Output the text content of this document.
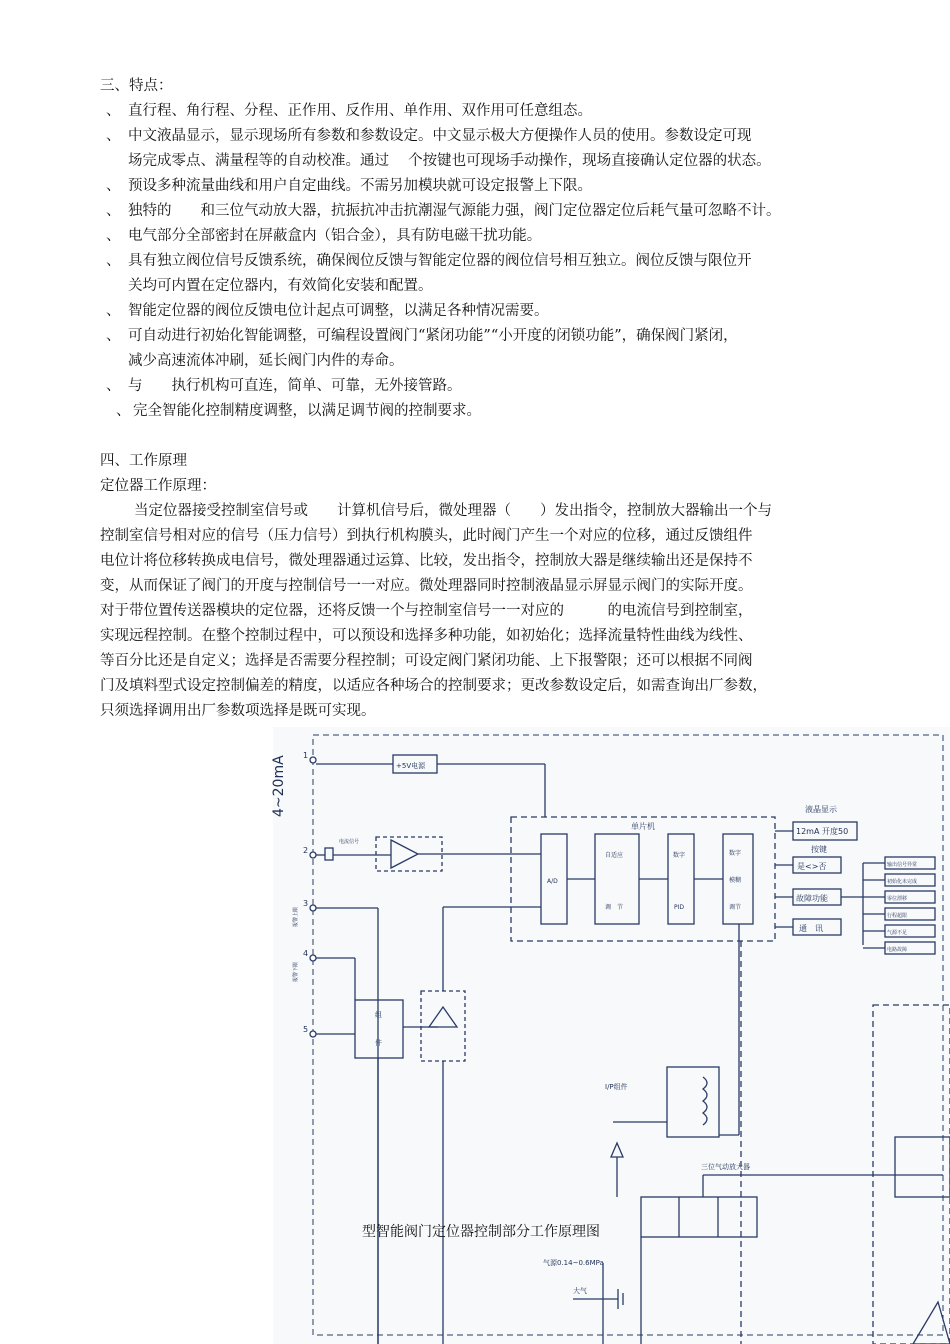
三、特点：
、 直行程、角行程、分程、正作用、反作用、单作用、双作用可任意组态。
、 中文液晶显示，显示现场所有参数和参数设定。中文显示极大方便操作人员的使用。参数设定可现
场完成零点、满量程等的自动校准。通过　 个按键也可现场手动操作，现场直接确认定位器的状态。
、 预设多种流量曲线和用户自定曲线。不需另加模块就可设定报警上下限。
、 独特的　　和三位气动放大器，抗振抗冲击抗潮湿气源能力强，阀门定位器定位后耗气量可忽略不计。
、 电气部分全部密封在屏蔽盒内（铝合金），具有防电磁干扰功能。
、 具有独立阀位信号反馈系统，确保阀位反馈与智能定位器的阀位信号相互独立。阀位反馈与限位开
关均可内置在定位器内，有效简化安装和配置。
、 智能定位器的阀位反馈电位计起点可调整，以满足各种情况需要。
、 可自动进行初始化智能调整，可编程设置阀门“紧闭功能”“小开度的闭锁功能”，确保阀门紧闭，
减少高速流体冲刷，延长阀门内件的寿命。
、 与　　执行机构可直连，简单、可靠，无外接管路。
、 完全智能化控制精度调整，以满足调节阀的控制要求。
四、工作原理
定位器工作原理：
当定位器接受控制室信号或　　计算机信号后，微处理器（　　）发出指令，控制放大器输出一个与
控制室信号相对应的信号（压力信号）到执行机构膜头，此时阀门产生一个对应的位移，通过反馈组件
电位计将位移转换成电信号，微处理器通过运算、比较，发出指令，控制放大器是继续输出还是保持不
变，从而保证了阀门的开度与控制信号一一对应。微处理器同时控制液晶显示屏显示阀门的实际开度。
对于带位置传送器模块的定位器，还将反馈一个与控制室信号一一对应的　　　的电流信号到控制室，
实现远程控制。在整个控制过程中，可以预设和选择多种功能，如初始化；选择流量特性曲线为线性、
等百分比还是自定义；选择是否需要分程控制；可设定阀门紧闭功能、上下报警限；还可以根据不同阀
门及填料型式设定控制偏差的精度，以适应各种场合的控制要求；更改参数设定后，如需查询出厂参数，
只须选择调用出厂参数项选择是既可实现。
4~20mA 1
2
3
4
5
电流信号
报警上限
报警下限
+5V电源
单片机
A/D
自适应
调　节
数字
PID
数字
模糊
调节
液晶显示
12mA 开度50
按键
是<>否
故障功能
通　讯
输出信号异常
初始化未完成
零位漂移
行程超限
气源不足
电路故障
组
件
I/P组件
三位气动放大器
气源0.14~0.6MPa
大气
型智能阀门定位器控制部分工作原理图
